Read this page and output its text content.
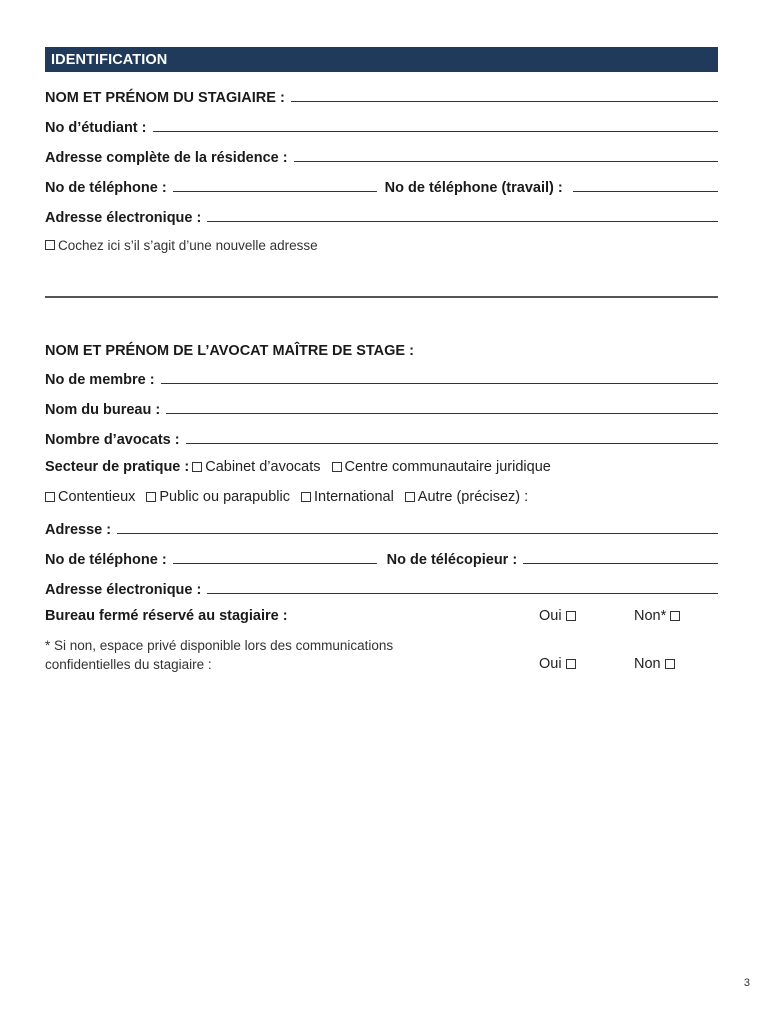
IDENTIFICATION
NOM ET PRÉNOM DU STAGIAIRE :
No d’étudiant :
Adresse complète de la résidence :
No de téléphone :	No de téléphone (travail) :
Adresse électronique :
Cochez ici s’il s’agit d’une nouvelle adresse
NOM ET PRÉNOM DE L’AVOCAT MAÎTRE DE STAGE :
No de membre :
Nom du bureau :
Nombre d’avocats :
Secteur de pratique :	Cabinet d’avocats	Centre communautaire juridique
Contentieux	Public ou parapublic	International	Autre (précisez) :
Adresse :
No de téléphone :	No de télécopieur :
Adresse électronique :
Bureau fermé réservé au stagiaire :	Oui	Non*
* Si non, espace privé disponible lors des communications
confidentielles du stagiaire :	Oui	Non
3
